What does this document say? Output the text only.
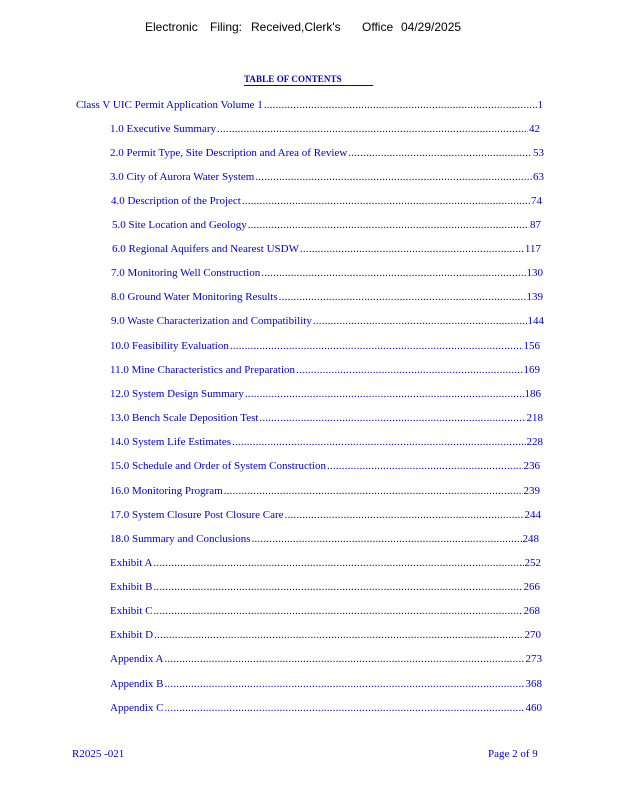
Electronic Filing: Received,Clerk's Office 04/29/2025
TABLE OF CONTENTS
Class V UIC Permit Application Volume 1 .....	1
1.0 Executive Summary .....	42
2.0 Permit Type, Site Description and Area of Review .....	53
3.0 City of Aurora Water System .....	63
4.0 Description of the Project .....	74
5.0 Site Location and Geology .....	87
6.0 Regional Aquifers and Nearest USDW .....	117
7.0 Monitoring Well Construction .....	130
8.0 Ground Water Monitoring Results .....	139
9.0 Waste Characterization and Compatibility .....	144
10.0 Feasibility Evaluation .....	156
11.0 Mine Characteristics and Preparation .....	169
12.0 System Design Summary .....	186
13.0 Bench Scale Deposition Test .....	218
14.0 System Life Estimates .....	228
15.0 Schedule and Order of System Construction .....	236
16.0 Monitoring Program .....	239
17.0 System Closure Post Closure Care .....	244
18.0 Summary and Conclusions .....	248
Exhibit A .....	252
Exhibit B .....	266
Exhibit C .....	268
Exhibit D .....	270
Appendix A .....	273
Appendix B .....	368
Appendix C .....	460
R2025 -021	Page 2 of 9
